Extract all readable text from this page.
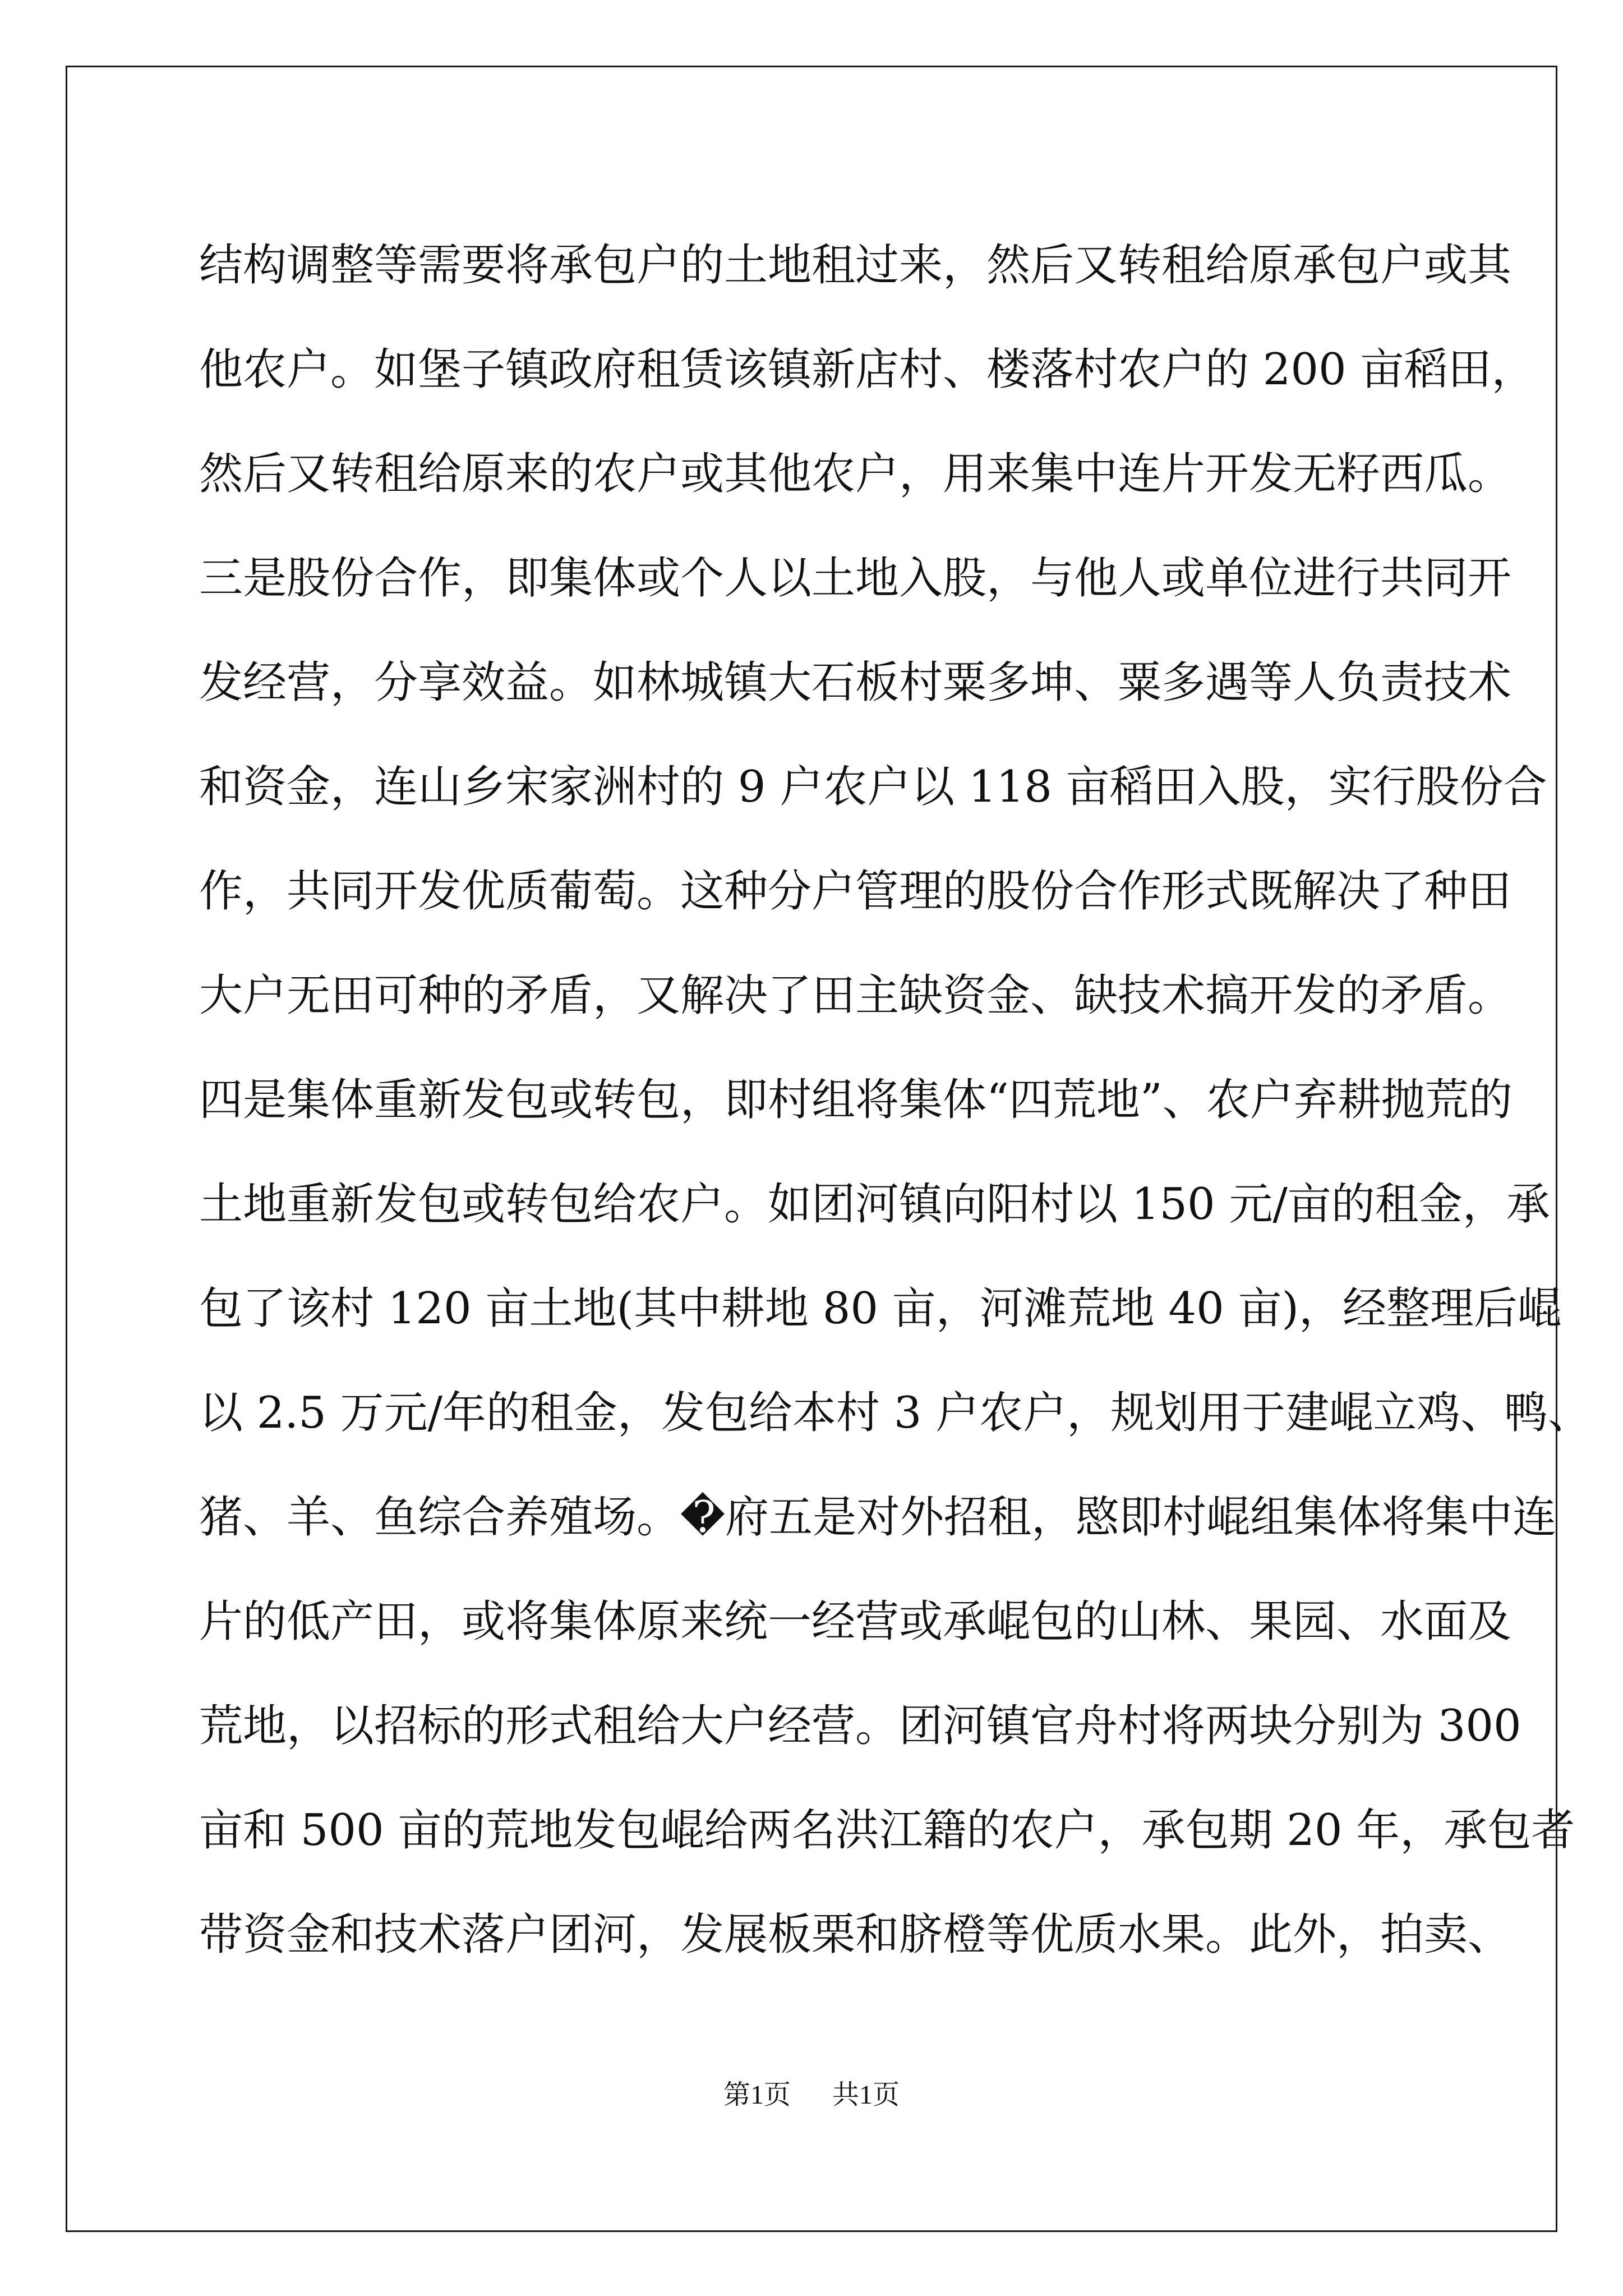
结构调整等需要将承包户的土地租过来，然后又转租给原承包户或其
他农户。如堡子镇政府租赁该镇新店村、楼落村农户的 200 亩稻田，
然后又转租给原来的农户或其他农户，用来集中连片开发无籽西瓜。
三是股份合作，即集体或个人以土地入股，与他人或单位进行共同开
发经营，分享效益。如林城镇大石板村粟多坤、粟多遇等人负责技术
和资金，连山乡宋家洲村的 9 户农户以 118 亩稻田入股，实行股份合
作，共同开发优质葡萄。这种分户管理的股份合作形式既解决了种田
大户无田可种的矛盾，又解决了田主缺资金、缺技术搞开发的矛盾。
四是集体重新发包或转包，即村组将集体“四荒地”、农户弃耕抛荒的
土地重新发包或转包给农户。如团河镇向阳村以 150 元/亩的租金，承
包了该村 120 亩土地(其中耕地 80 亩，河滩荒地 40 亩)，经整理后崐
以 2.5 万元/年的租金，发包给本村 3 户农户，规划用于建崐立鸡、鸭、
猪、羊、鱼综合养殖场。�府五是对外招租，愍即村崐组集体将集中连
片的低产田，或将集体原来统一经营或承崐包的山林、果园、水面及
荒地，以招标的形式租给大户经营。团河镇官舟村将两块分别为 300
亩和 500 亩的荒地发包崐给两名洪江籍的农户，承包期 20 年，承包者
带资金和技术落户团河，发展板栗和脐橙等优质水果。此外，拍卖、
第1页 共1页
